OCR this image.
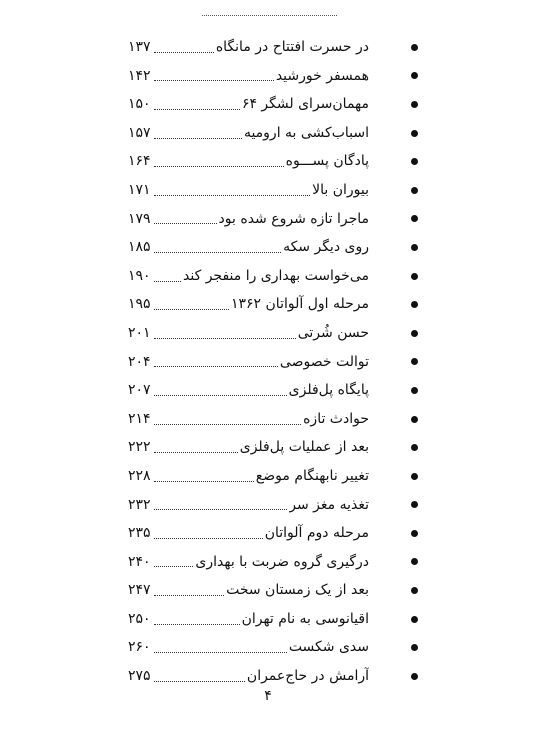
در حسرت افتتاح در مانگاه
۱۳۷
همسفر خورشید
۱۴۲
مهمان‌سرای لشگر ۶۴
۱۵۰
اسباب‌کشی به ارومیه
۱۵۷
پادگان پســـوه
۱۶۴
بیوران بالا
۱۷۱
ماجرا تازه شروع شده بود
۱۷۹
روی دیگر سکه
۱۸۵
می‌خواست بهداری را منفجر کند
۱۹۰
مرحله اول آلواتان ۱۳۶۲
۱۹۵
حسن شُرتی
۲۰۱
توالت خصوصی
۲۰۴
پایگاه پل‌فلزی
۲۰۷
حوادث تازه
۲۱۴
بعد از عملیات پل‌فلزی
۲۲۲
تغییر نابهنگام موضع
۲۲۸
تغذیه مغز سر
۲۳۲
مرحله دوم آلواتان
۲۳۵
درگیری گروه ضربت با بهداری
۲۴۰
بعد از یک زمستان سخت
۲۴۷
اقیانوسی به نام تهران
۲۵۰
سدی شکست
۲۶۰
آرامش در حاج‌عمران
۲۷۵
۴
